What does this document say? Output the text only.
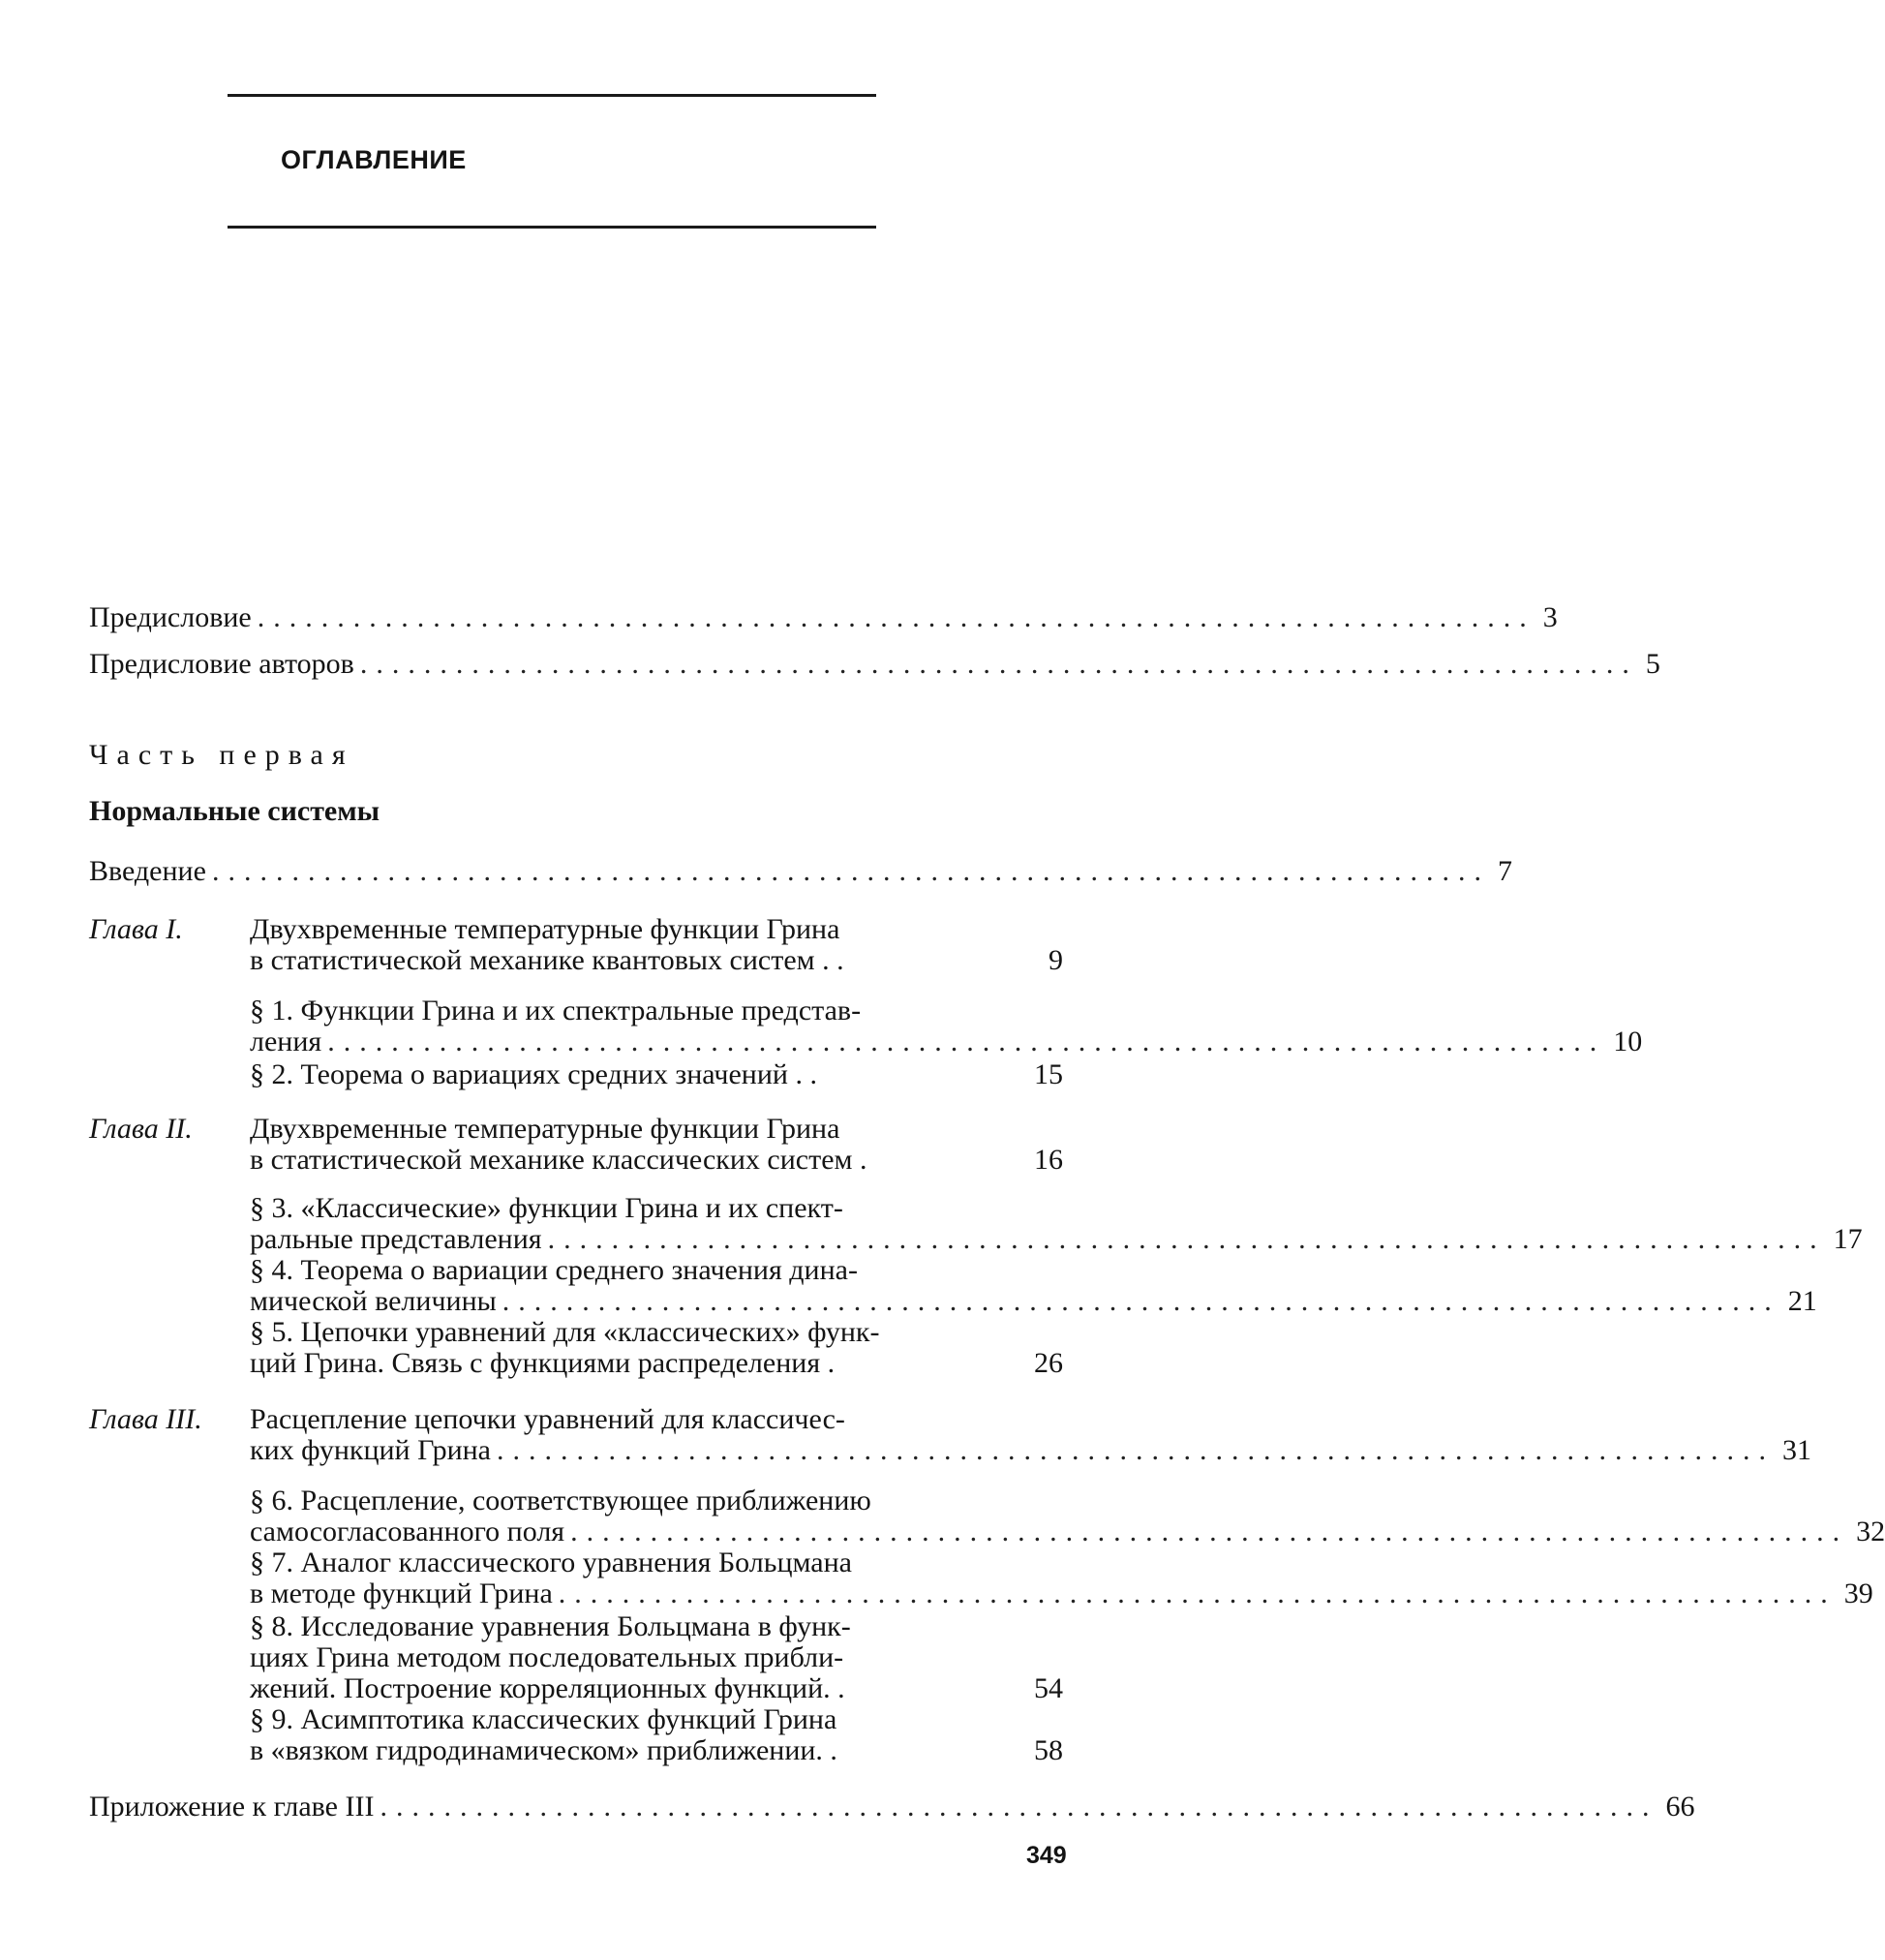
ОГЛАВЛЕНИЕ
Предисловие ................................................................................ 3
Предисловие авторов ................................................................................ 5
Часть первая
Нормальные системы
Введение ................................................................................ 7
Глава I. Двухвременные температурные функции Грина
в статистической механике квантовых систем . .	9
§ 1. Функции Грина и их спектральные представ-
ления ................................................................................ 10
§ 2. Теорема о вариациях средних значений . .	15
Глава II. Двухвременные температурные функции Грина
в статистической механике классических систем .	16
§ 3. «Классические» функции Грина и их спект-
ральные представления ................................................................................ 17
§ 4. Теорема о вариации среднего значения дина-
мической величины ................................................................................ 21
§ 5. Цепочки уравнений для «классических» функ-
ций Грина. Связь с функциями распределения .	26
Глава III. Расцепление цепочки уравнений для классичес-
ких функций Грина ................................................................................ 31
§ 6. Расцепление, соответствующее приближению
самосогласованного поля ................................................................................ 32
§ 7. Аналог классического уравнения Больцмана
в методе функций Грина ................................................................................ 39
§ 8. Исследование уравнения Больцмана в функ-
циях Грина методом последовательных прибли-
жений. Построение корреляционных функций. .	54
§ 9. Асимптотика классических функций Грина
в «вязком гидродинамическом» приближении. .	58
Приложение к главе III ................................................................................ 66
349
